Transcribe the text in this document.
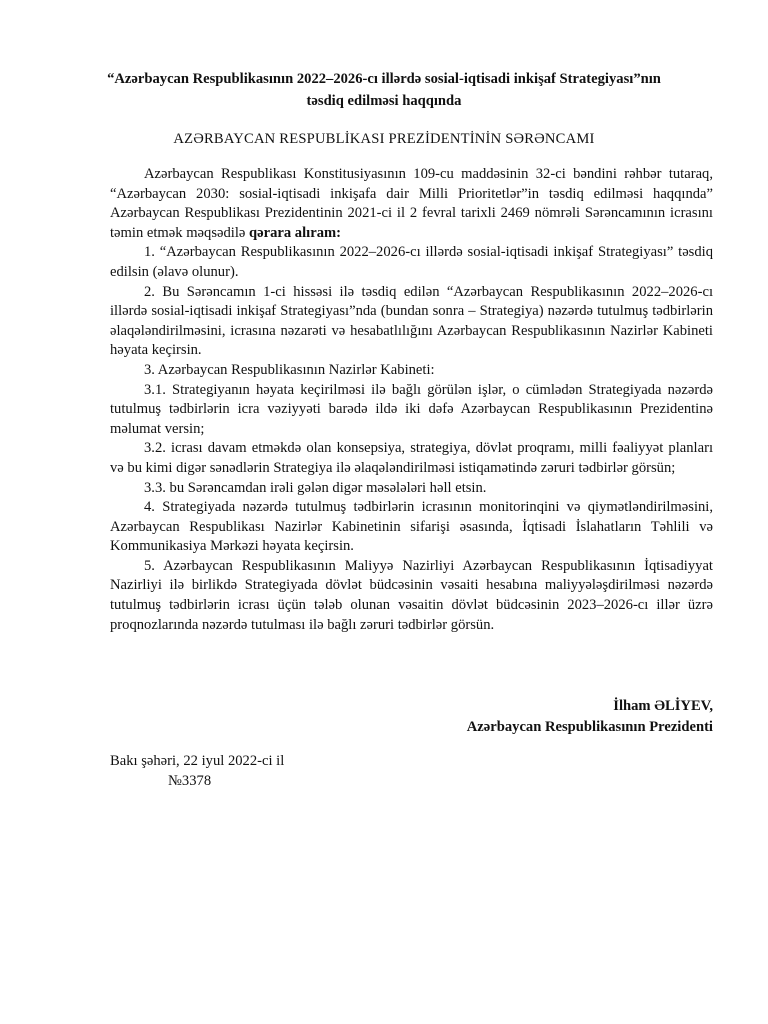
“Azərbaycan Respublikasının 2022–2026-cı illərdə sosial-iqtisadi inkişaf Strategiyası”nın təsdiq edilməsi haqqında
AZƏRBAYCAN RESPUBLİKASI PREZİDENTİNİN SƏRƏNCAMI

Azərbaycan Respublikası Konstitusiyasının 109-cu maddəsinin 32-ci bəndini rəhbər tutaraq, “Azərbaycan 2030: sosial-iqtisadi inkişafa dair Milli Prioritetlər”in təsdiq edilməsi haqqında” Azərbaycan Respublikası Prezidentinin 2021-ci il 2 fevral tarixli 2469 nömrəli Sərəncamının icrasını təmin etmək məqsədilə qərara alıram:

1. “Azərbaycan Respublikasının 2022–2026-cı illərdə sosial-iqtisadi inkişaf Strategiyası” təsdiq edilsin (əlavə olunur).

2. Bu Sərəncamın 1-ci hissəsi ilə təsdiq edilən “Azərbaycan Respublikasının 2022–2026-cı illərdə sosial-iqtisadi inkişaf Strategiyası”nda (bundan sonra – Strategiya) nəzərdə tutulmuş tədbirlərin əlaqələndirilməsini, icrasına nəzarəti və hesabatlılığını Azərbaycan Respublikasının Nazirlər Kabineti həyata keçirsin.

3. Azərbaycan Respublikasının Nazirlər Kabineti:

3.1. Strategiyanın həyata keçirilməsi ilə bağlı görülən işlər, o cümlədən Strategiyada nəzərdə tutulmuş tədbirlərin icra vəziyyəti barədə ildə iki dəfə Azərbaycan Respublikasının Prezidentinə məlumat versin;

3.2. icrası davam etməkdə olan konsepsiya, strategiya, dövlət proqramı, milli fəaliyyət planları və bu kimi digər sənədlərin Strategiya ilə əlaqələndirilməsi istiqamətində zəruri tədbirlər görsün;

3.3. bu Sərəncamdan irəli gələn digər məsələləri həll etsin.

4. Strategiyada nəzərdə tutulmuş tədbirlərin icrasının monitorinqini və qiymətləndirilməsini, Azərbaycan Respublikası Nazirlər Kabinetinin sifarişi əsasında, İqtisadi İslahatların Təhlili və Kommunikasiya Mərkəzi həyata keçirsin.

5. Azərbaycan Respublikasının Maliyyə Nazirliyi Azərbaycan Respublikasının İqtisadiyyat Nazirliyi ilə birlikdə Strategiyada dövlət büdcəsinin vəsaiti hesabına maliyyələşdirilməsi nəzərdə tutulmuş tədbirlərin icrası üçün tələb olunan vəsaitin dövlət büdcəsinin 2023–2026-cı illər üzrə proqnozlarında nəzərdə tutulması ilə bağlı zəruri tədbirlər görsün.

İlham ƏLİYEV,
Azərbaycan Respublikasının Prezidenti
Bakı şəhəri, 22 iyul 2022-ci il
№3378
